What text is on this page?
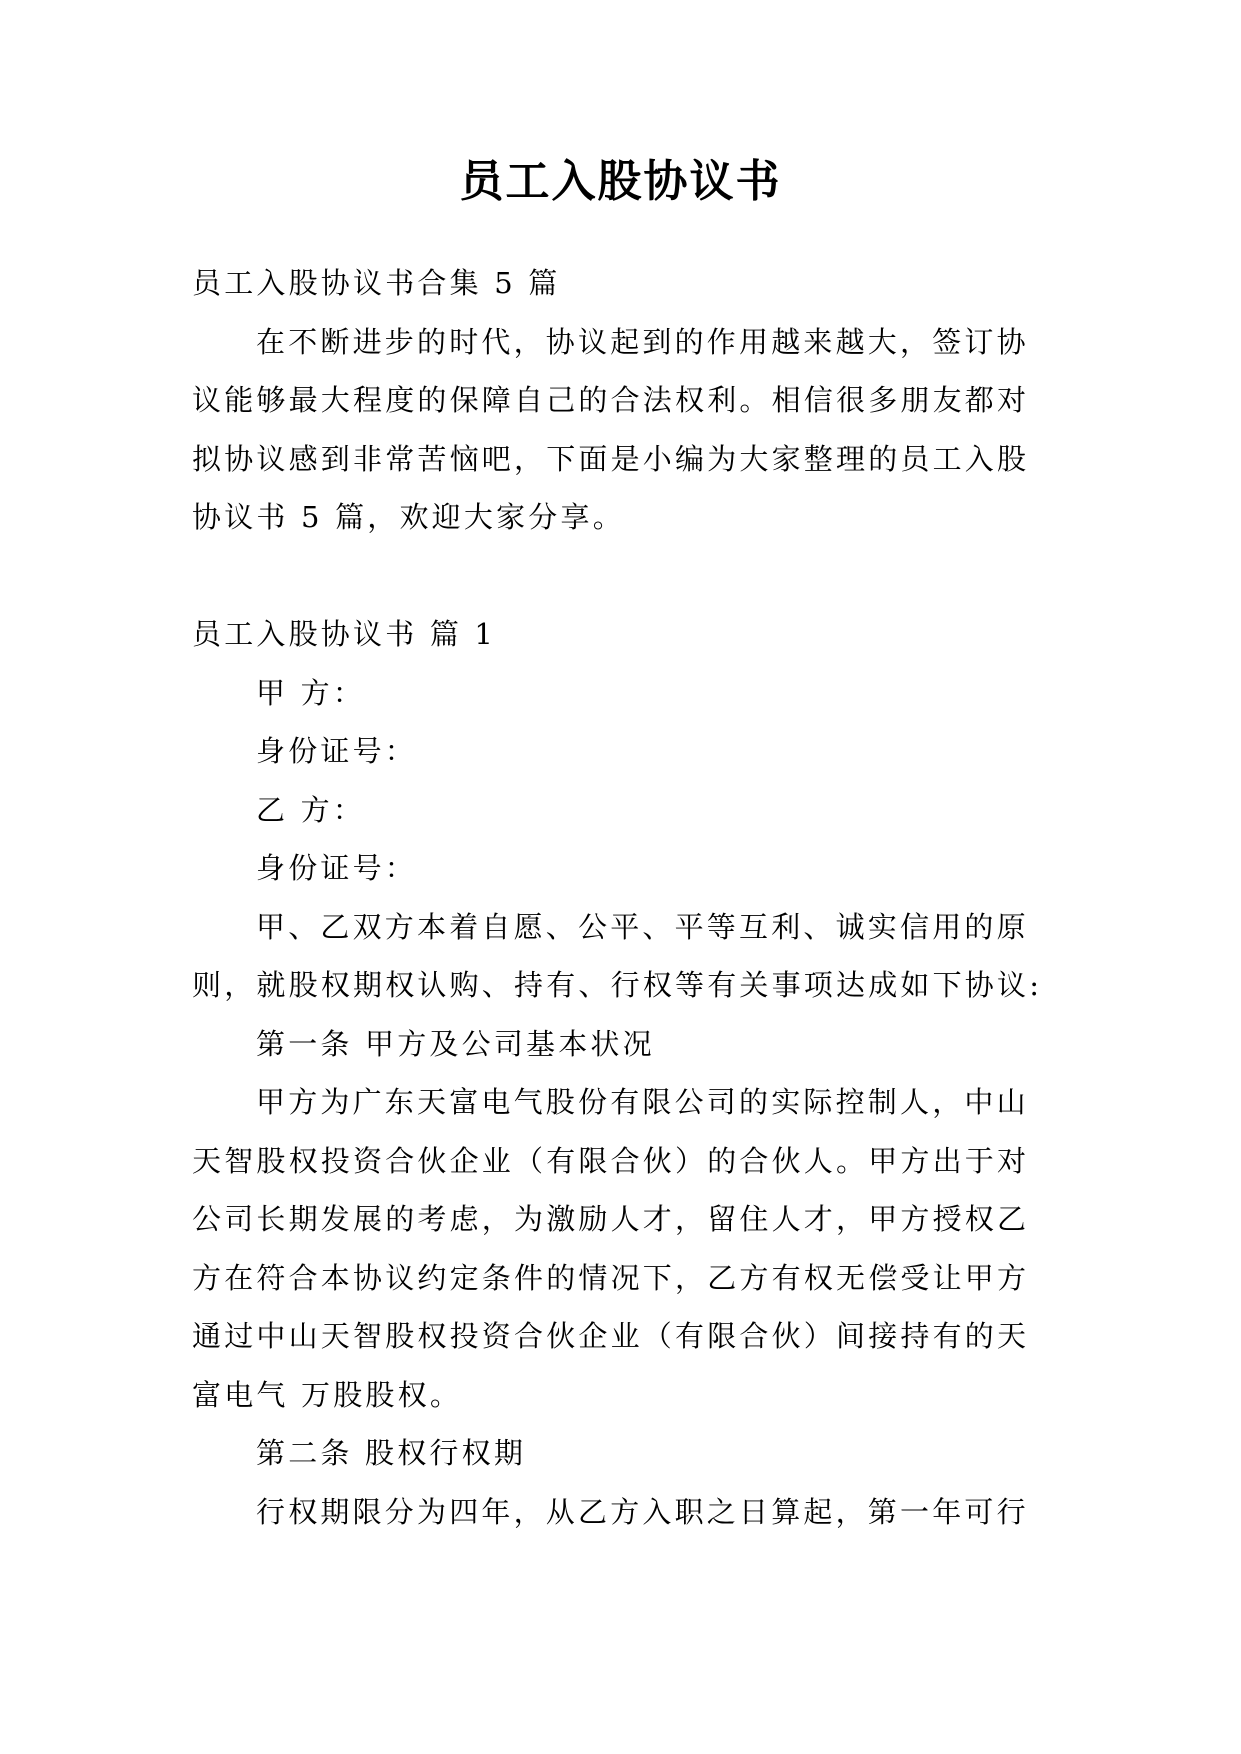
员工入股协议书
员工入股协议书合集 5 篇
在不断进步的时代，协议起到的作用越来越大，签订协
议能够最大程度的保障自己的合法权利。相信很多朋友都对
拟协议感到非常苦恼吧，下面是小编为大家整理的员工入股
协议书 5 篇，欢迎大家分享。
员工入股协议书 篇 1
甲 方：
身份证号：
乙 方：
身份证号：
甲、乙双方本着自愿、公平、平等互利、诚实信用的原
则，就股权期权认购、持有、行权等有关事项达成如下协议:
第一条 甲方及公司基本状况
甲方为广东天富电气股份有限公司的实际控制人，中山
天智股权投资合伙企业（有限合伙）的合伙人。甲方出于对
公司长期发展的考虑，为激励人才，留住人才，甲方授权乙
方在符合本协议约定条件的情况下，乙方有权无偿受让甲方
通过中山天智股权投资合伙企业（有限合伙）间接持有的天
富电气 万股股权。
第二条 股权行权期
行权期限分为四年，从乙方入职之日算起，第一年可行
